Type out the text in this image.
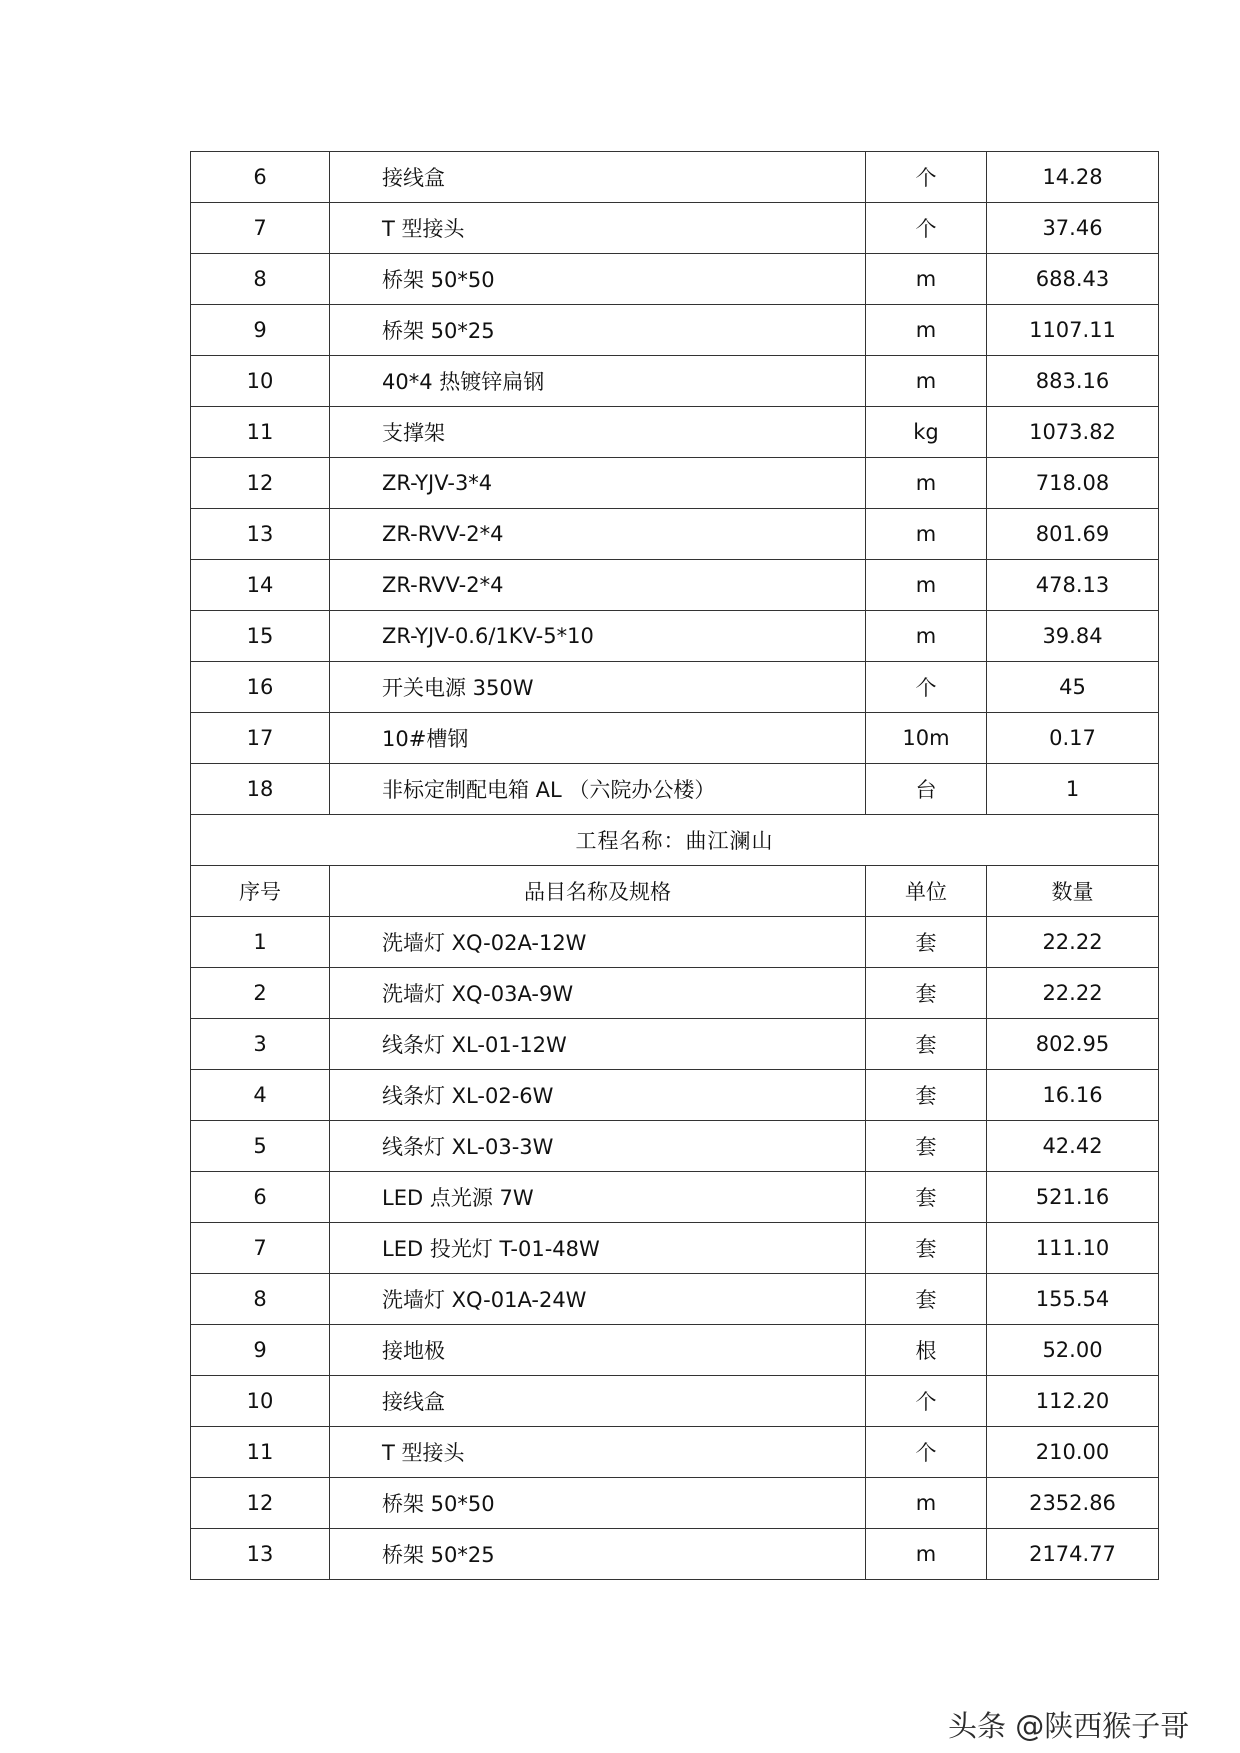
6	接线盒	个	14.28
7	T 型接头	个	37.46
8	桥架 50*50	m	688.43
9	桥架 50*25	m	1107.11
10	40*4 热镀锌扁钢	m	883.16
11	支撑架	kg	1073.82
12	ZR-YJV-3*4	m	718.08
13	ZR-RVV-2*4	m	801.69
14	ZR-RVV-2*4	m	478.13
15	ZR-YJV-0.6/1KV-5*10	m	39.84
16	开关电源 350W	个	45
17	10#槽钢	10m	0.17
18	非标定制配电箱 AL （六院办公楼）	台	1
工程名称：曲江澜山			
序号	品目名称及规格	单位	数量
1	洗墙灯 XQ-02A-12W	套	22.22
2	洗墙灯 XQ-03A-9W	套	22.22
3	线条灯 XL-01-12W	套	802.95
4	线条灯 XL-02-6W	套	16.16
5	线条灯 XL-03-3W	套	42.42
6	LED 点光源 7W	套	521.16
7	LED 投光灯 T-01-48W	套	111.10
8	洗墙灯 XQ-01A-24W	套	155.54
9	接地极	根	52.00
10	接线盒	个	112.20
11	T 型接头	个	210.00
12	桥架 50*50	m	2352.86
13	桥架 50*25	m	2174.77
头条 @陕西猴子哥
